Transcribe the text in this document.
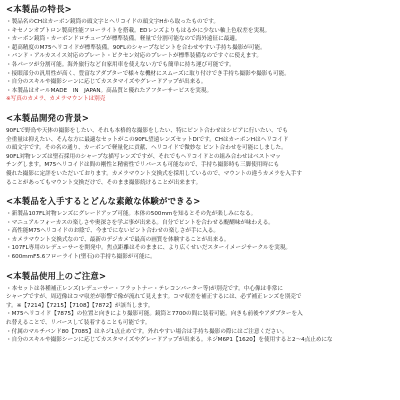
<本製品の特長>
・製品名のCHはカーボン鏡筒の頭文字とヘリコイドの頭文字Hから取ったものです。
・キセノンオプトロン製高性能フローライトを搭載。EDレンズよりもはるかに少ない軸上色収差を実現。
・カーボン鏡筒・カーボンドロチューブが標準装備。軽量で分割可能なので海外遠征に最適。
・超高精度のM75ヘリコイドが標準装備。90FLのシャープなピントを合わせやすい手持ち撮影が可能。
・バンド・アルカスイス対応のプレート・ピクセン対応のプレートが標準装備なのですぐに使えます。
・各パーツが分割可能。海外旅行など自家用車を使えない方でも簡単に持ち運び可能です。
・接眼部分の汎用性が高く、豊富なアダプターで様々な機材にスムーズに取り付けでき手持ち撮影や撮影も可能。
・自分のスキルや撮影シーンに応じてカスタマイズやグレードアップが出来る。
・本製品はオールMADE　IN　JAPAN。高品質と優れたアフターサービスを実現。
※写真のカメラ、カメラマウントは別売
<本製品開発の背景>
90FLで野鳥や天体の撮影をしたい、それも本格的な撮影をしたい、特にピント合わせはシビアに行いたい、でも
全重量は抑えたい、そんな方に最適なセットがこの90FL望遠レンズセットDIです。CHはカーボンHはヘリコイド
の頭文字です。その名の通り、カーボンで軽量化に貢献、ヘリコイドで微妙な ピント合わせを可能にしました。
90FL対物レンズは聖石採用のシャープな描写レンズですが、それでもヘリコイドとの組み合わせはベストマッ
チングします。M75ヘリコイドは間の剛性と精密性でリバースも可能なので、手持ち撮影時も三脚使用時にも
優れた撮影に定評をいただいております。カメラマウント交換式を採用しているので、マウントの違うカメラを入手す
ることがあってもマウント交換だけで、そのまま撮影続けることが出来ます。
<本製品を入手するとどんな素敵な体験ができる>
・新製品107FL対物レンズにグレードアップ可能。本体の500mmを知るとその先が楽しみになる。
・マニュアルフォーカスの楽しさや奥深さを学ぶ事が出来る。自分でピントを合わせる醍醐味が味わえる。
・高性能M75ヘリコイドのお陰で、今までにないピント合わせの楽しさが手に入る。
・カメラマウント交換式なので、最新のデジカメで最高の画質を体験することが出来る。
・107FL専用のレデューサーを開発中。焦点距離はそのままに、より広くせいだスターイメージサークルを実現。
・600mmF5.6フローライト(聖石)の手持ち撮影が可能に。
<本製品使用上のご注意>
・本セットは各種補正レンズ(レデューサー・フラットナー・テレコンバーター等)が別売です。中心像は非常に
シャープですが、周辺像はコマ収差が影響で像が流れて見えます。コマ収差を補正するには、必ず補正レンズを別売で
す。※【7214】【7215】【7108】【7872】が該当します。
・M75ヘリコイド【7875】の位置と向きにより撮影可能。鏡筒と7700の間に装着可能。向きも前後やアダプターを入
れ替えることで、リバースして装着することも可能です。
・付属のマルチバンド80【7085】はネジ1点止めです。外れやすい場合は手持ち撮影の際にはご注意ください。
・自分のスキルや撮影シーンに応じてカスタマイズやグレードアップが出来る。ネジM6P1【1620】を使用すると2〜4点止めにな
